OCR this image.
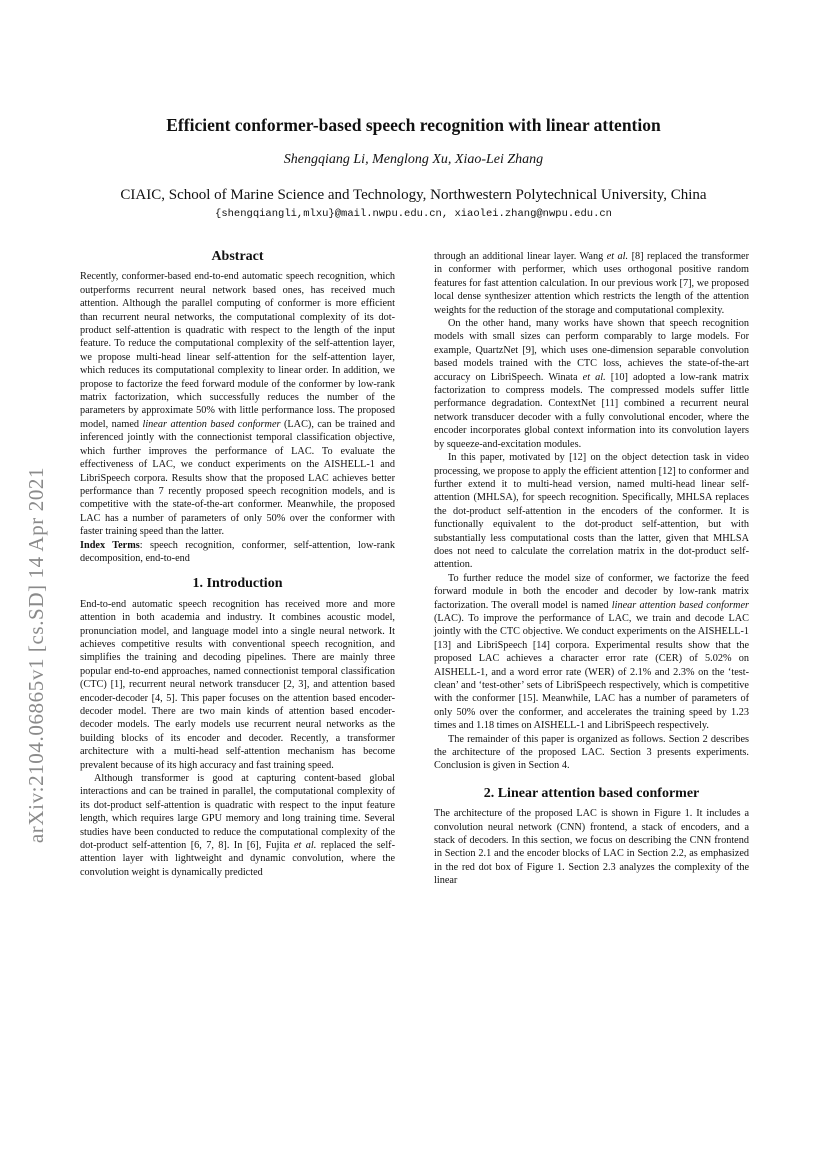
Efficient conformer-based speech recognition with linear attention
Shengqiang Li, Menglong Xu, Xiao-Lei Zhang
CIAIC, School of Marine Science and Technology, Northwestern Polytechnical University, China
{shengqiangli,mlxu}@mail.nwpu.edu.cn, xiaolei.zhang@nwpu.edu.cn
arXiv:2104.06865v1 [cs.SD] 14 Apr 2021
Abstract

Recently, conformer-based end-to-end automatic speech recognition, which outperforms recurrent neural network based ones, has received much attention. Although the parallel computing of conformer is more efficient than recurrent neural networks, the computational complexity of its dot-product self-attention is quadratic with respect to the length of the input feature. To reduce the computational complexity of the self-attention layer, we propose multi-head linear self-attention for the self-attention layer, which reduces its computational complexity to linear order. In addition, we propose to factorize the feed forward module of the conformer by low-rank matrix factorization, which successfully reduces the number of the parameters by approximate 50% with little performance loss. The proposed model, named linear attention based conformer (LAC), can be trained and inferenced jointly with the connectionist temporal classification objective, which further improves the performance of LAC. To evaluate the effectiveness of LAC, we conduct experiments on the AISHELL-1 and LibriSpeech corpora. Results show that the proposed LAC achieves better performance than 7 recently proposed speech recognition models, and is competitive with the state-of-the-art conformer. Meanwhile, the proposed LAC has a number of parameters of only 50% over the conformer with faster training speed than the latter.

Index Terms: speech recognition, conformer, self-attention, low-rank decomposition, end-to-end

1. Introduction

End-to-end automatic speech recognition has received more and more attention in both academia and industry. It combines acoustic model, pronunciation model, and language model into a single neural network. It achieves competitive results with conventional speech recognition, and simplifies the training and decoding pipelines. There are mainly three popular end-to-end approaches, named connectionist temporal classification (CTC) [1], recurrent neural network transducer [2, 3], and attention based encoder-decoder [4, 5]. This paper focuses on the attention based encoder-decoder model. There are two main kinds of attention based encoder-decoder models. The early models use recurrent neural networks as the building blocks of its encoder and decoder. Recently, a transformer architecture with a multi-head self-attention mechanism has become prevalent because of its high accuracy and fast training speed.

Although transformer is good at capturing content-based global interactions and can be trained in parallel, the computational complexity of its dot-product self-attention is quadratic with respect to the input feature length, which requires large GPU memory and long training time. Several studies have been conducted to reduce the computational complexity of the dot-product self-attention [6, 7, 8]. In [6], Fujita et al. replaced the self-attention layer with lightweight and dynamic convolution, where the convolution weight is dynamically predicted

through an additional linear layer. Wang et al. [8] replaced the transformer in conformer with performer, which uses orthogonal positive random features for fast attention calculation. In our previous work [7], we proposed local dense synthesizer attention which restricts the length of the attention weights for the reduction of the storage and computational complexity.

On the other hand, many works have shown that speech recognition models with small sizes can perform comparably to large models. For example, QuartzNet [9], which uses one-dimension separable convolution based models trained with the CTC loss, achieves the state-of-the-art accuracy on LibriSpeech. Winata et al. [10] adopted a low-rank matrix factorization to compress models. The compressed models suffer little performance degradation. ContextNet [11] combined a recurrent neural network transducer decoder with a fully convolutional encoder, where the encoder incorporates global context information into its convolution layers by squeeze-and-excitation modules.

In this paper, motivated by [12] on the object detection task in video processing, we propose to apply the efficient attention [12] to conformer and further extend it to multi-head version, named multi-head linear self-attention (MHLSA), for speech recognition. Specifically, MHLSA replaces the dot-product self-attention in the encoders of the conformer. It is functionally equivalent to the dot-product self-attention, but with substantially less computational costs than the latter, given that MHLSA does not need to calculate the correlation matrix in the dot-product self-attention.

To further reduce the model size of conformer, we factorize the feed forward module in both the encoder and decoder by low-rank matrix factorization. The overall model is named linear attention based conformer (LAC). To improve the performance of LAC, we train and decode LAC jointly with the CTC objective. We conduct experiments on the AISHELL-1 [13] and LibriSpeech [14] corpora. Experimental results show that the proposed LAC achieves a character error rate (CER) of 5.02% on AISHELL-1, and a word error rate (WER) of 2.1% and 2.3% on the ‘test-clean’ and ‘test-other’ sets of LibriSpeech respectively, which is competitive with the conformer [15]. Meanwhile, LAC has a number of parameters of only 50% over the conformer, and accelerates the training speed by 1.23 times and 1.18 times on AISHELL-1 and LibriSpeech respectively.

The remainder of this paper is organized as follows. Section 2 describes the architecture of the proposed LAC. Section 3 presents experiments. Conclusion is given in Section 4.

2. Linear attention based conformer

The architecture of the proposed LAC is shown in Figure 1. It includes a convolution neural network (CNN) frontend, a stack of encoders, and a stack of decoders. In this section, we focus on describing the CNN frontend in Section 2.1 and the encoder blocks of LAC in Section 2.2, as emphasized in the red dot box of Figure 1. Section 2.3 analyzes the complexity of the linear
